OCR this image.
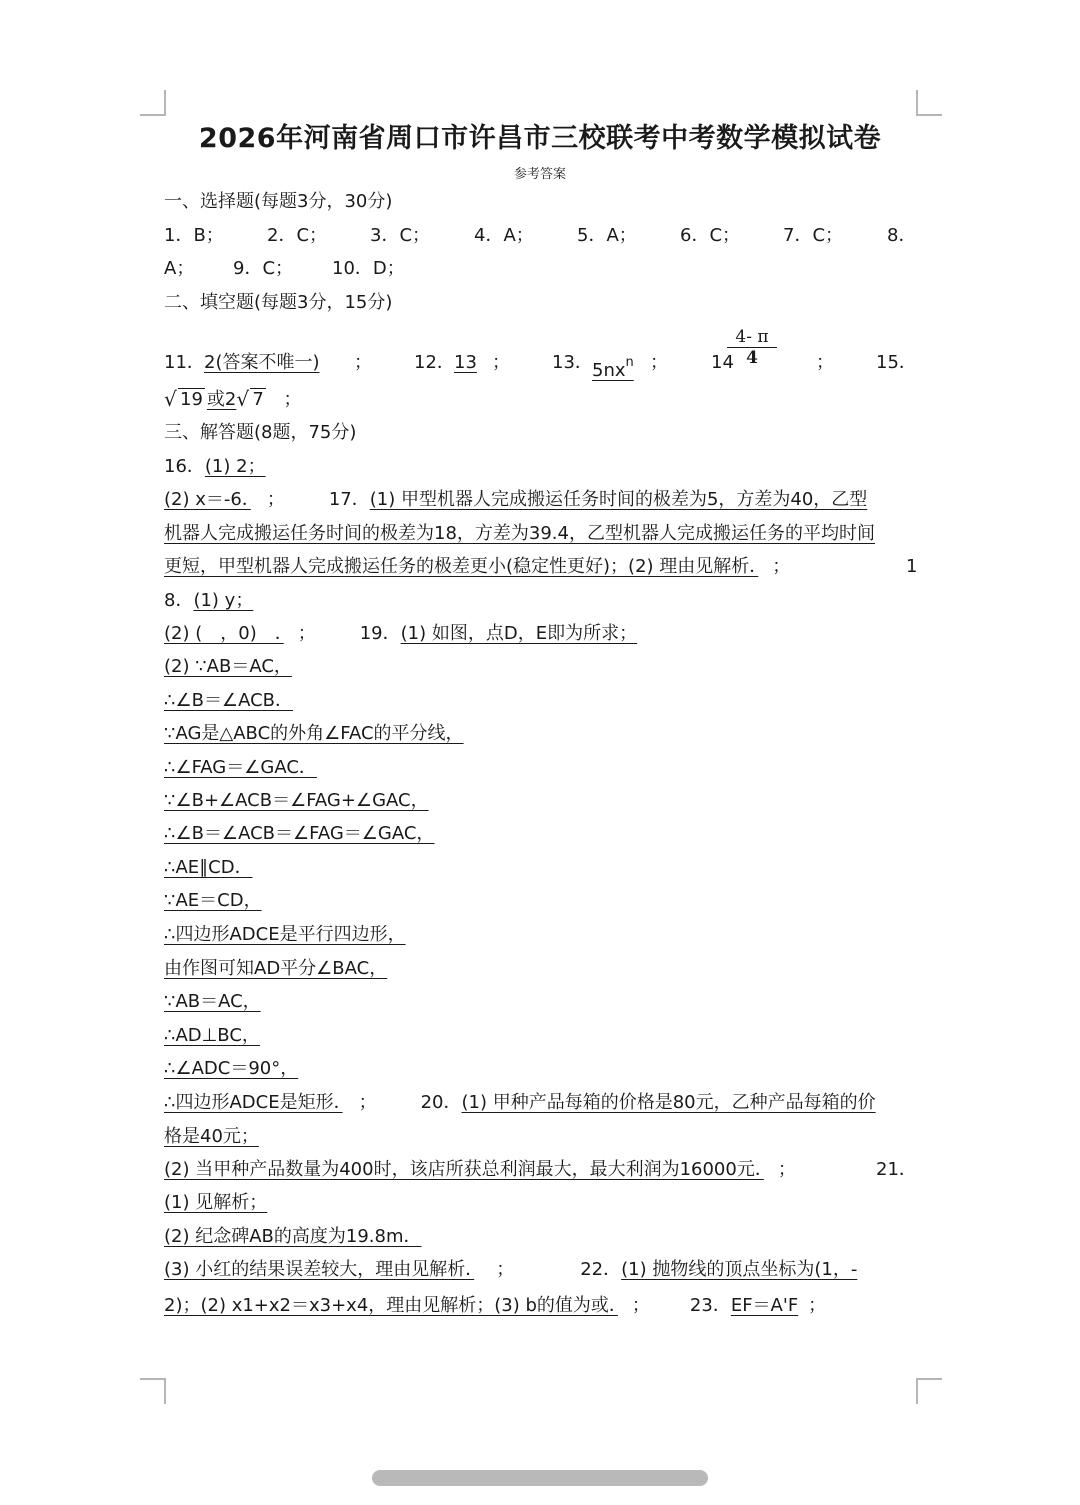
2026年河南省周口市许昌市三校联考中考数学模拟试卷
参考答案
一、选择题(每题3分，30分)
1．B； 2．C； 3．C； 4．A； 5．A； 6．C； 7．C； 8．
A； 9．C； 10．D；
二、填空题(每题3分，15分)
11． 2(答案不唯一) ； 12． 13 ； 13． $5nx^n$ ； 14
$\frac{4- \pi}{4}$ ； 15．
√ 19 或2√ 7 ；
三、解答题(8题，75分)
16．(1) 2；
(2) x＝-6． ； 17．(1) 甲型机器人完成搬运任务时间的极差为5，方差为40，乙型
机器人完成搬运任务时间的极差为18，方差为39.4，乙型机器人完成搬运任务的平均时间
更短，甲型机器人完成搬运任务的极差更小(稳定性更好)；(2) 理由见解析． ；	1
8．(1) y；
(2) (　，0)　． ； 19．(1) 如图，点D，E即为所求；
(2) ∵AB＝AC，
∴∠B＝∠ACB．
∵AG是△ABC的外角∠FAC的平分线，
∴∠FAG＝∠GAC．
∵∠B+∠ACB＝∠FAG+∠GAC，
∴∠B＝∠ACB＝∠FAG＝∠GAC，
∴AE∥CD．
∵AE＝CD，
∴四边形ADCE是平行四边形，
由作图可知AD平分∠BAC，
∵AB＝AC，
∴AD⊥BC，
∴∠ADC＝90°，
∴四边形ADCE是矩形． ； 20．(1) 甲种产品每箱的价格是80元，乙种产品每箱的价
格是40元；
(2) 当甲种产品数量为400时，该店所获总利润最大，最大利润为16000元． ；	21．
(1) 见解析；
(2) 纪念碑AB的高度为19.8m．
(3) 小红的结果误差较大，理由见解析． ；	22．(1) 抛物线的顶点坐标为(1，-
2)；(2) x1+x2＝x3+x4，理由见解析；(3) b的值为或． ； 23．EF＝A'F ；
